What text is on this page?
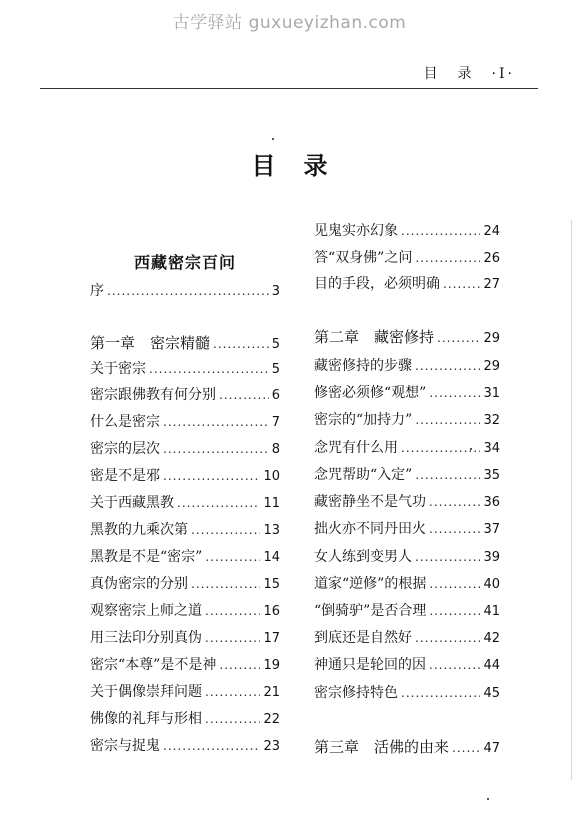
古学驿站 guxueyizhan.com
目　录　·I·
目录
西藏密宗百问
序 .....	3
第一章　密宗精髓 .....	5
关于密宗 .....	5
密宗跟佛教有何分别 .....	6
什么是密宗 .....	7
密宗的层次 .....	8
密是不是邪 .....	10
关于西藏黑教 .....	11
黑教的九乘次第 .....	13
黑教是不是“密宗” .....	14
真伪密宗的分别 .....	15
观察密宗上师之道 .....	16
用三法印分别真伪 .....	17
密宗“本尊”是不是神 .....	19
关于偶像崇拜问题 .....	21
佛像的礼拜与形相 .....	22
密宗与捉鬼 .....	23
见鬼实亦幻象 .....	24
答“双身佛”之问 .....	26
目的手段，必须明确 .....	27
第二章　藏密修持 .....	29
藏密修持的步骤 .....	29
修密必须修“观想” .....	31
密宗的“加持力” .....	32
念咒有什么用 .....	34
念咒帮助“入定” .....	35
藏密静坐不是气功 .....	36
拙火亦不同丹田火 .....	37
女人练到变男人 .....	39
道家“逆修”的根据 .....	40
“倒骑驴”是否合理 .....	41
到底还是自然好 .....	42
神通只是轮回的因 .....	44
密宗修持特色 .....	45
第三章　活佛的由来 .....	47
